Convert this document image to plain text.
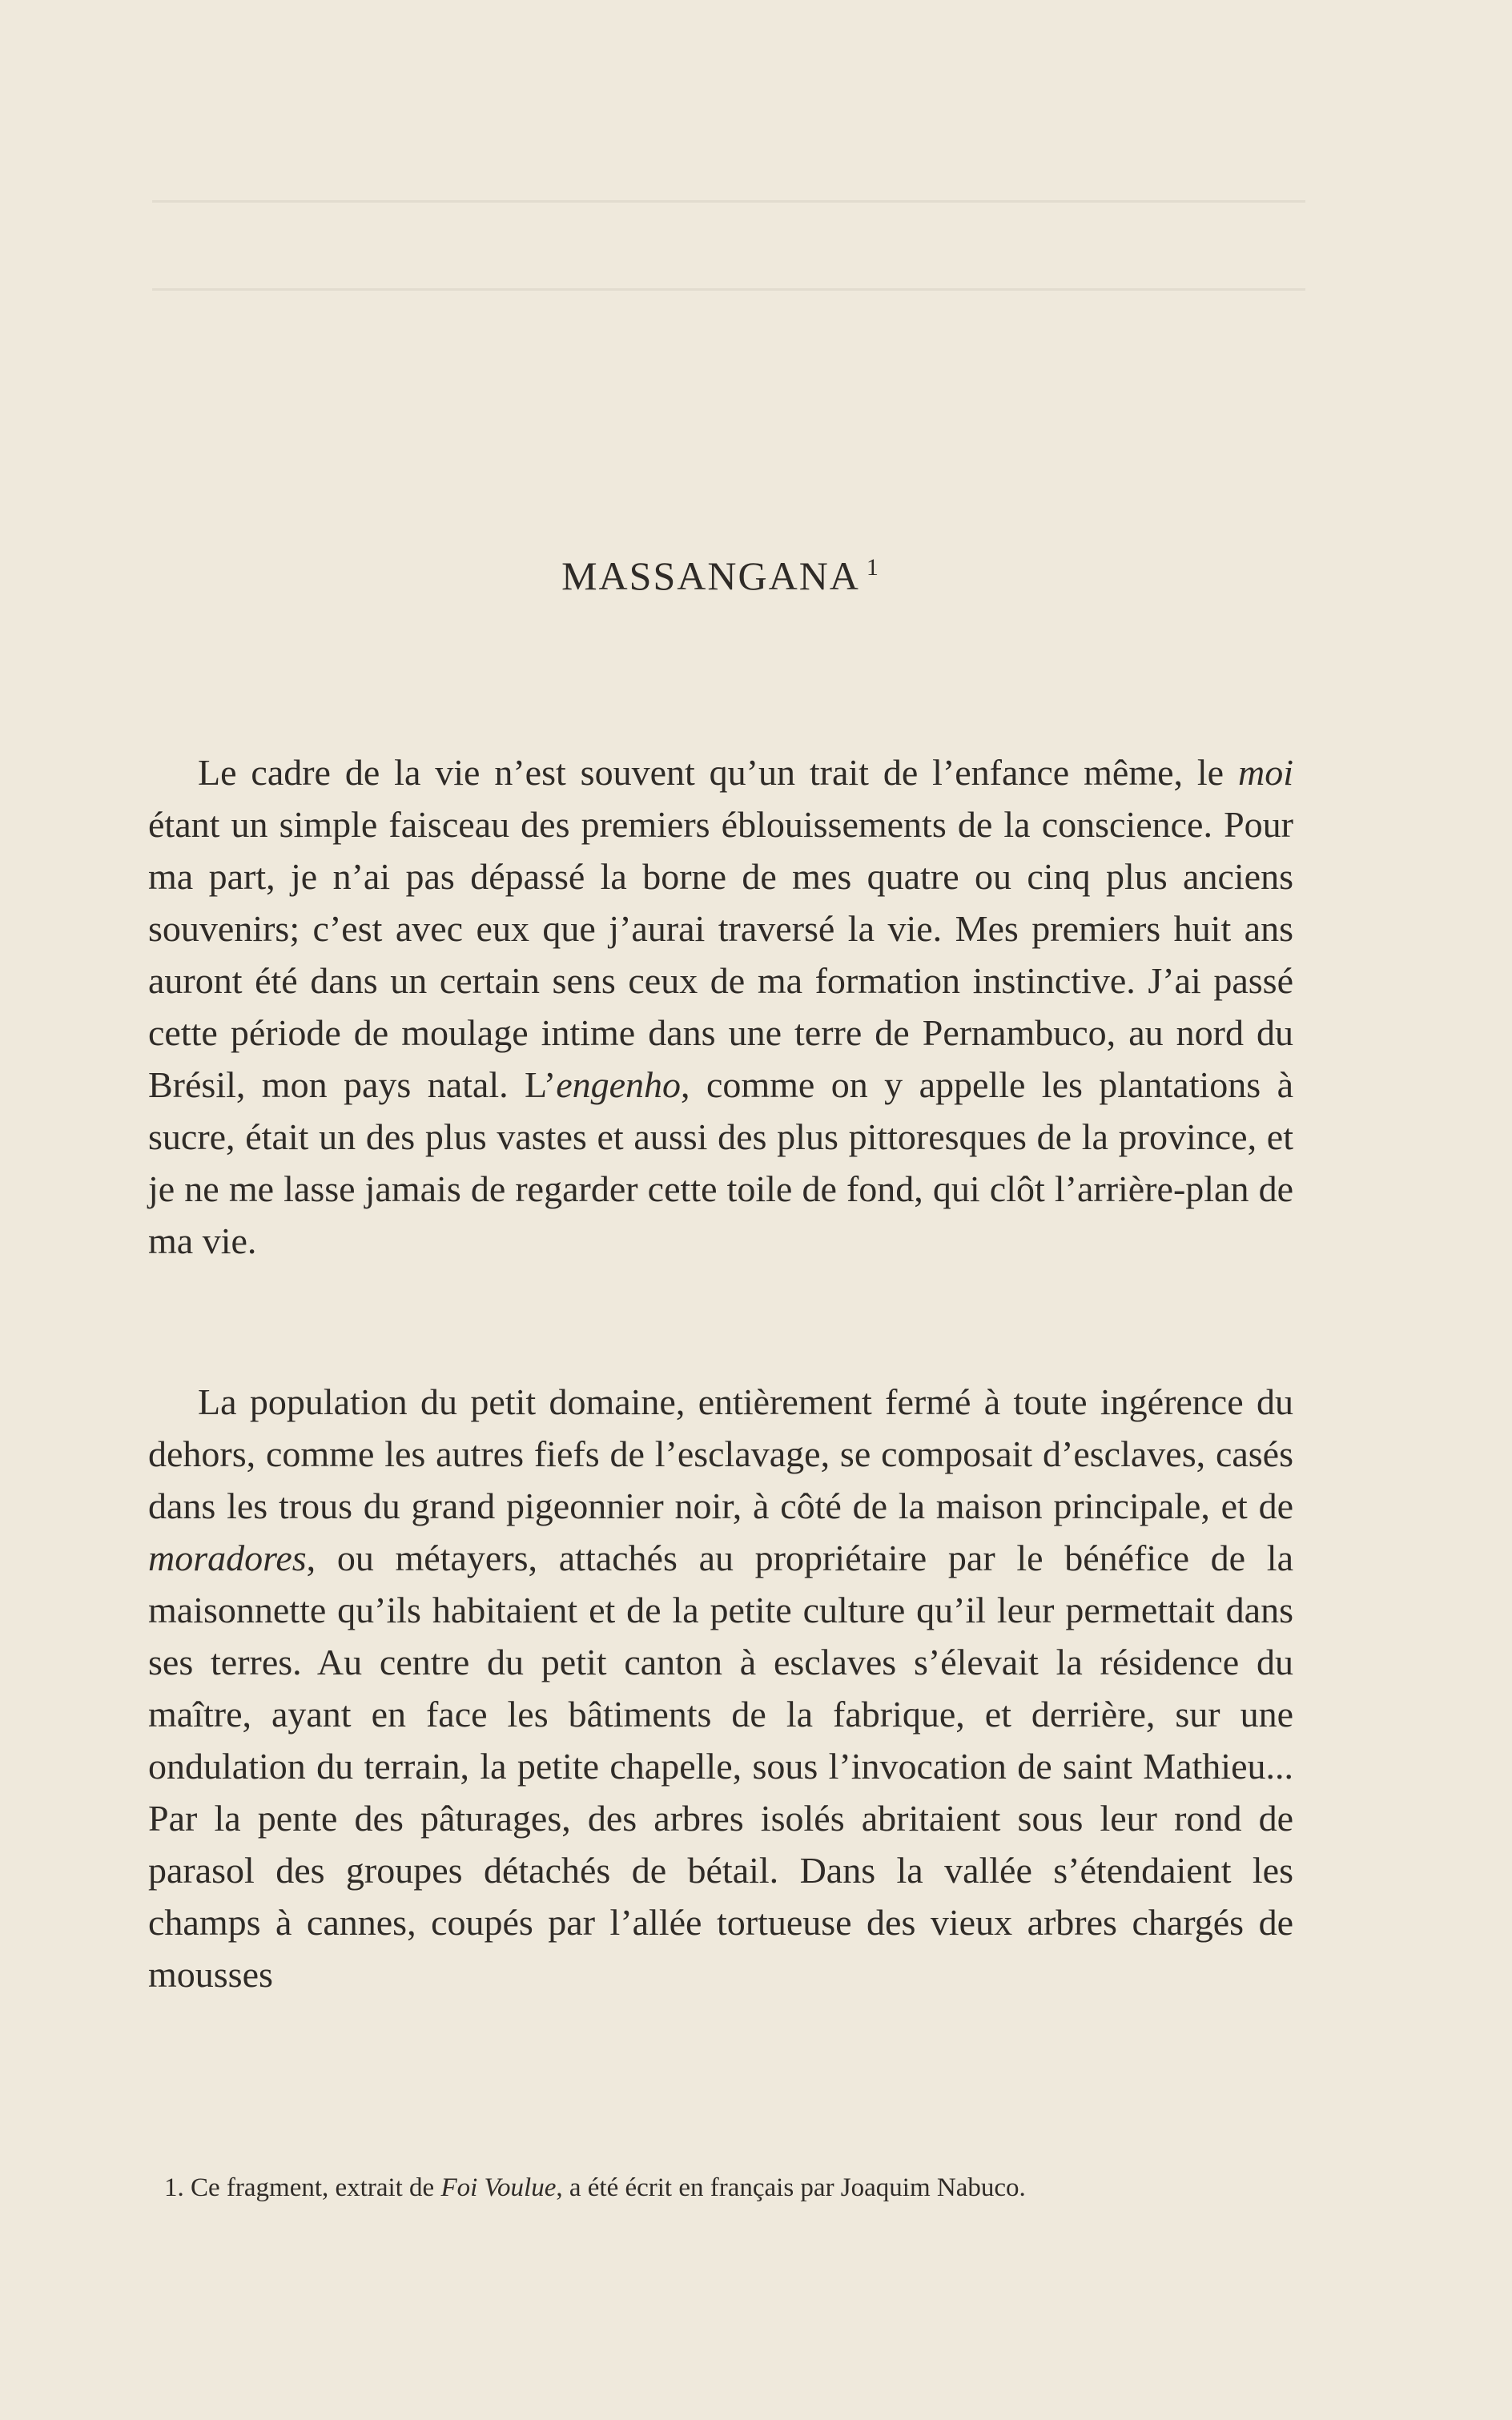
MASSANGANA $^1$

Le cadre de la vie n’est souvent qu’un trait de l’enfance même, le moi étant un simple faisceau des premiers éblouissements de la conscience. Pour ma part, je n’ai pas dépassé la borne de mes quatre ou cinq plus anciens souvenirs; c’est avec eux que j’aurai traversé la vie. Mes premiers huit ans auront été dans un certain sens ceux de ma formation instinctive. J’ai passé cette période de moulage intime dans une terre de Pernambuco, au nord du Brésil, mon pays natal. L’engenho, comme on y appelle les plantations à sucre, était un des plus vastes et aussi des plus pittoresques de la province, et je ne me lasse jamais de regarder cette toile de fond, qui clôt l’arrière-plan de ma vie.

La population du petit domaine, entièrement fermé à toute ingérence du dehors, comme les autres fiefs de l’esclavage, se composait d’esclaves, casés dans les trous du grand pigeonnier noir, à côté de la maison principale, et de moradores, ou métayers, attachés au propriétaire par le bénéfice de la maisonnette qu’ils habitaient et de la petite culture qu’il leur permettait dans ses terres. Au centre du petit canton à esclaves s’élevait la résidence du maître, ayant en face les bâtiments de la fabrique, et derrière, sur une ondulation du terrain, la petite chapelle, sous l’invocation de saint Mathieu... Par la pente des pâturages, des arbres isolés abritaient sous leur rond de parasol des groupes détachés de bétail. Dans la vallée s’étendaient les champs à cannes, coupés par l’allée tortueuse des vieux arbres chargés de mousses

1. Ce fragment, extrait de Foi Voulue, a été écrit en français par Joaquim Nabuco.
